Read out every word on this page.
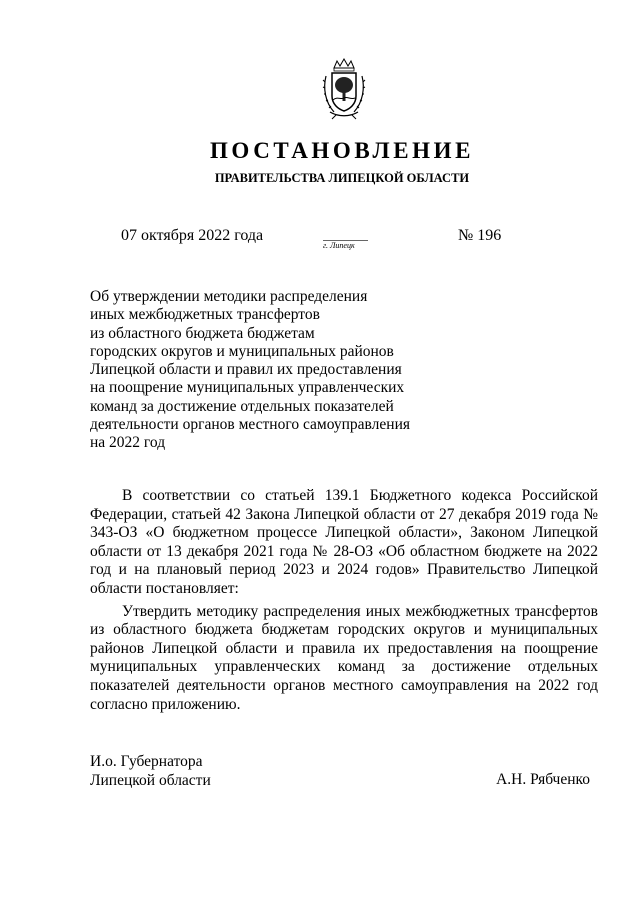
ПОСТАНОВЛЕНИЕ
ПРАВИТЕЛЬСТВА ЛИПЕЦКОЙ ОБЛАСТИ
07 октября 2022 года
г. Липецк
№ 196
Об утверждении методики распределения
иных межбюджетных трансфертов
из областного бюджета бюджетам
городских округов и муниципальных районов
Липецкой области и правил их предоставления
на поощрение муниципальных управленческих
команд за достижение отдельных показателей
деятельности органов местного самоуправления
на 2022 год

В соответствии со статьей 139.1 Бюджетного кодекса Российской Федерации, статьей 42 Закона Липецкой области от 27 декабря 2019 года № 343-ОЗ «О бюджетном процессе Липецкой области», Законом Липецкой области от 13 декабря 2021 года № 28-ОЗ «Об областном бюджете на 2022 год и на плановый период 2023 и 2024 годов» Правительство Липецкой области постановляет:

Утвердить методику распределения иных межбюджетных трансфертов из областного бюджета бюджетам городских округов и муниципальных районов Липецкой области и правила их предоставления на поощрение муниципальных управленческих команд за достижение отдельных показателей деятельности органов местного самоуправления на 2022 год согласно приложению.

И.о. Губернатора
Липецкой области	А.Н. Рябченко
